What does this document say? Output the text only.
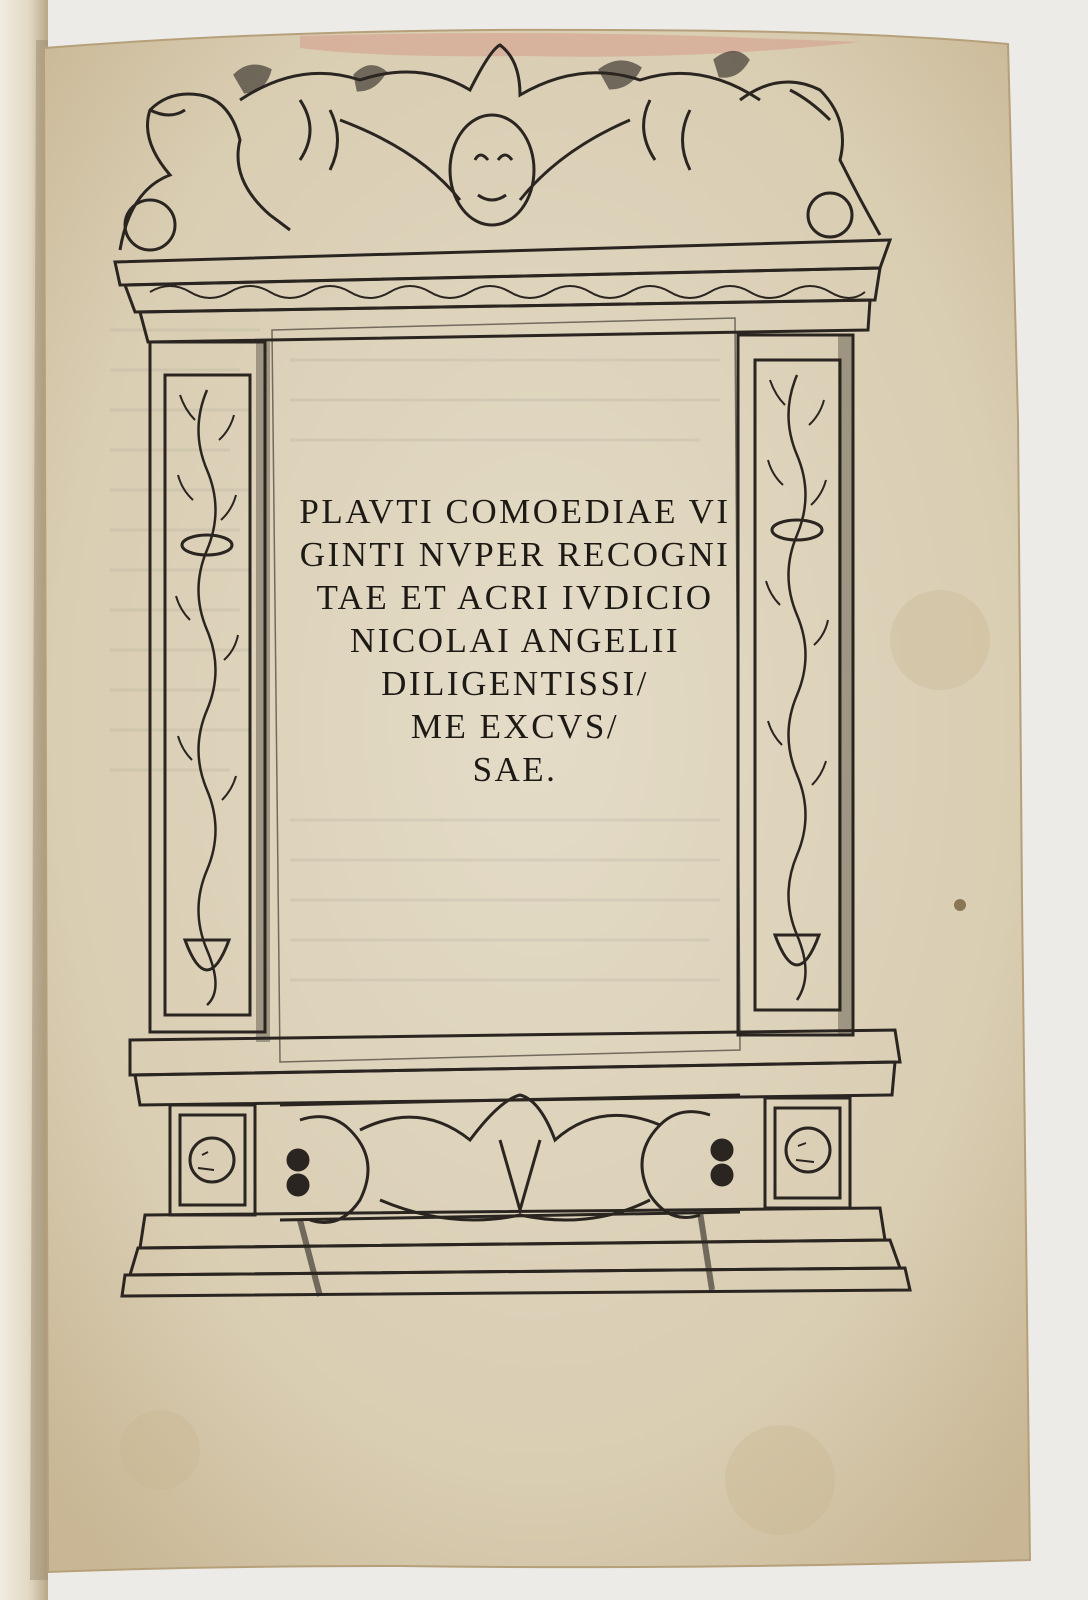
PLAVTI COMOEDIAE VI
GINTI NVPER RECOGNI
TAE ET ACRI IVDICIO
NICOLAI ANGELII
DILIGENTISSI/
ME EXCVS/
SAE.
